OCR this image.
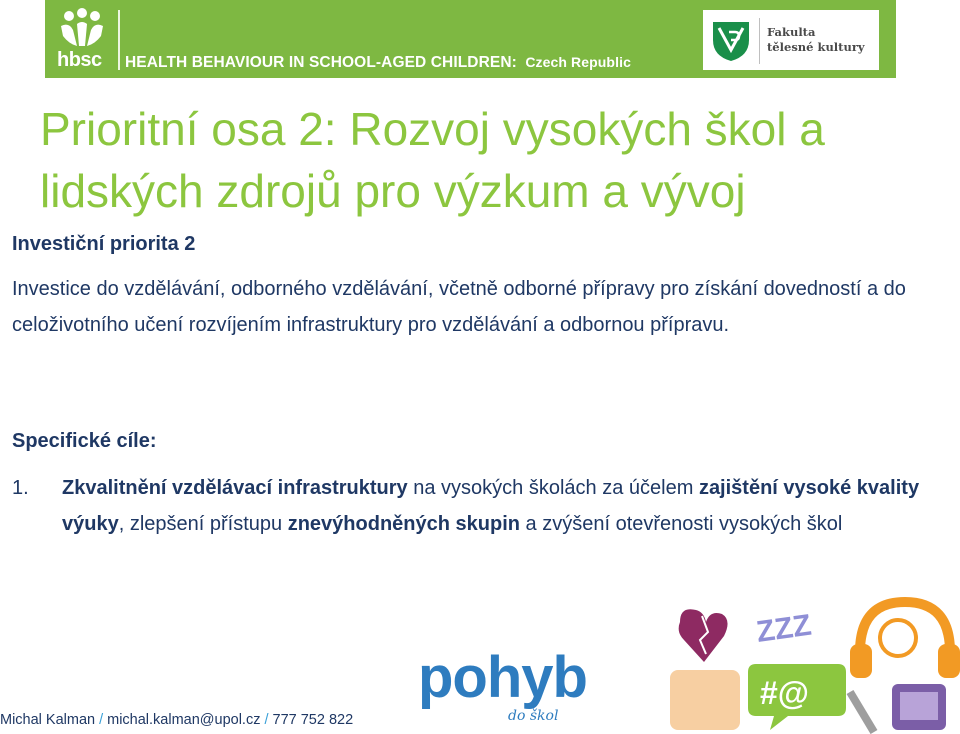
hbsc HEALTH BEHAVIOUR IN SCHOOL-AGED CHILDREN: Czech Republic
Fakulta
tělesné kultury
Prioritní osa 2: Rozvoj vysokých škol a
lidských zdrojů pro výzkum a vývoj
Investiční priorita 2
Investice do vzdělávání, odborného vzdělávání, včetně odborné přípravy pro získání dovedností a do celoživotního učení rozvíjením infrastruktury pro vzdělávání a odbornou přípravu.
Specifické cíle:
1. Zkvalitnění vzdělávací infrastruktury na vysokých školách za účelem zajištění vysoké kvality výuky, zlepšení přístupu znevýhodněných skupin a zvýšení otevřenosti vysokých škol
Michal Kalman / michal.kalman@upol.cz / 777 752 822
pohyb
do škol
ZZZ
#@
